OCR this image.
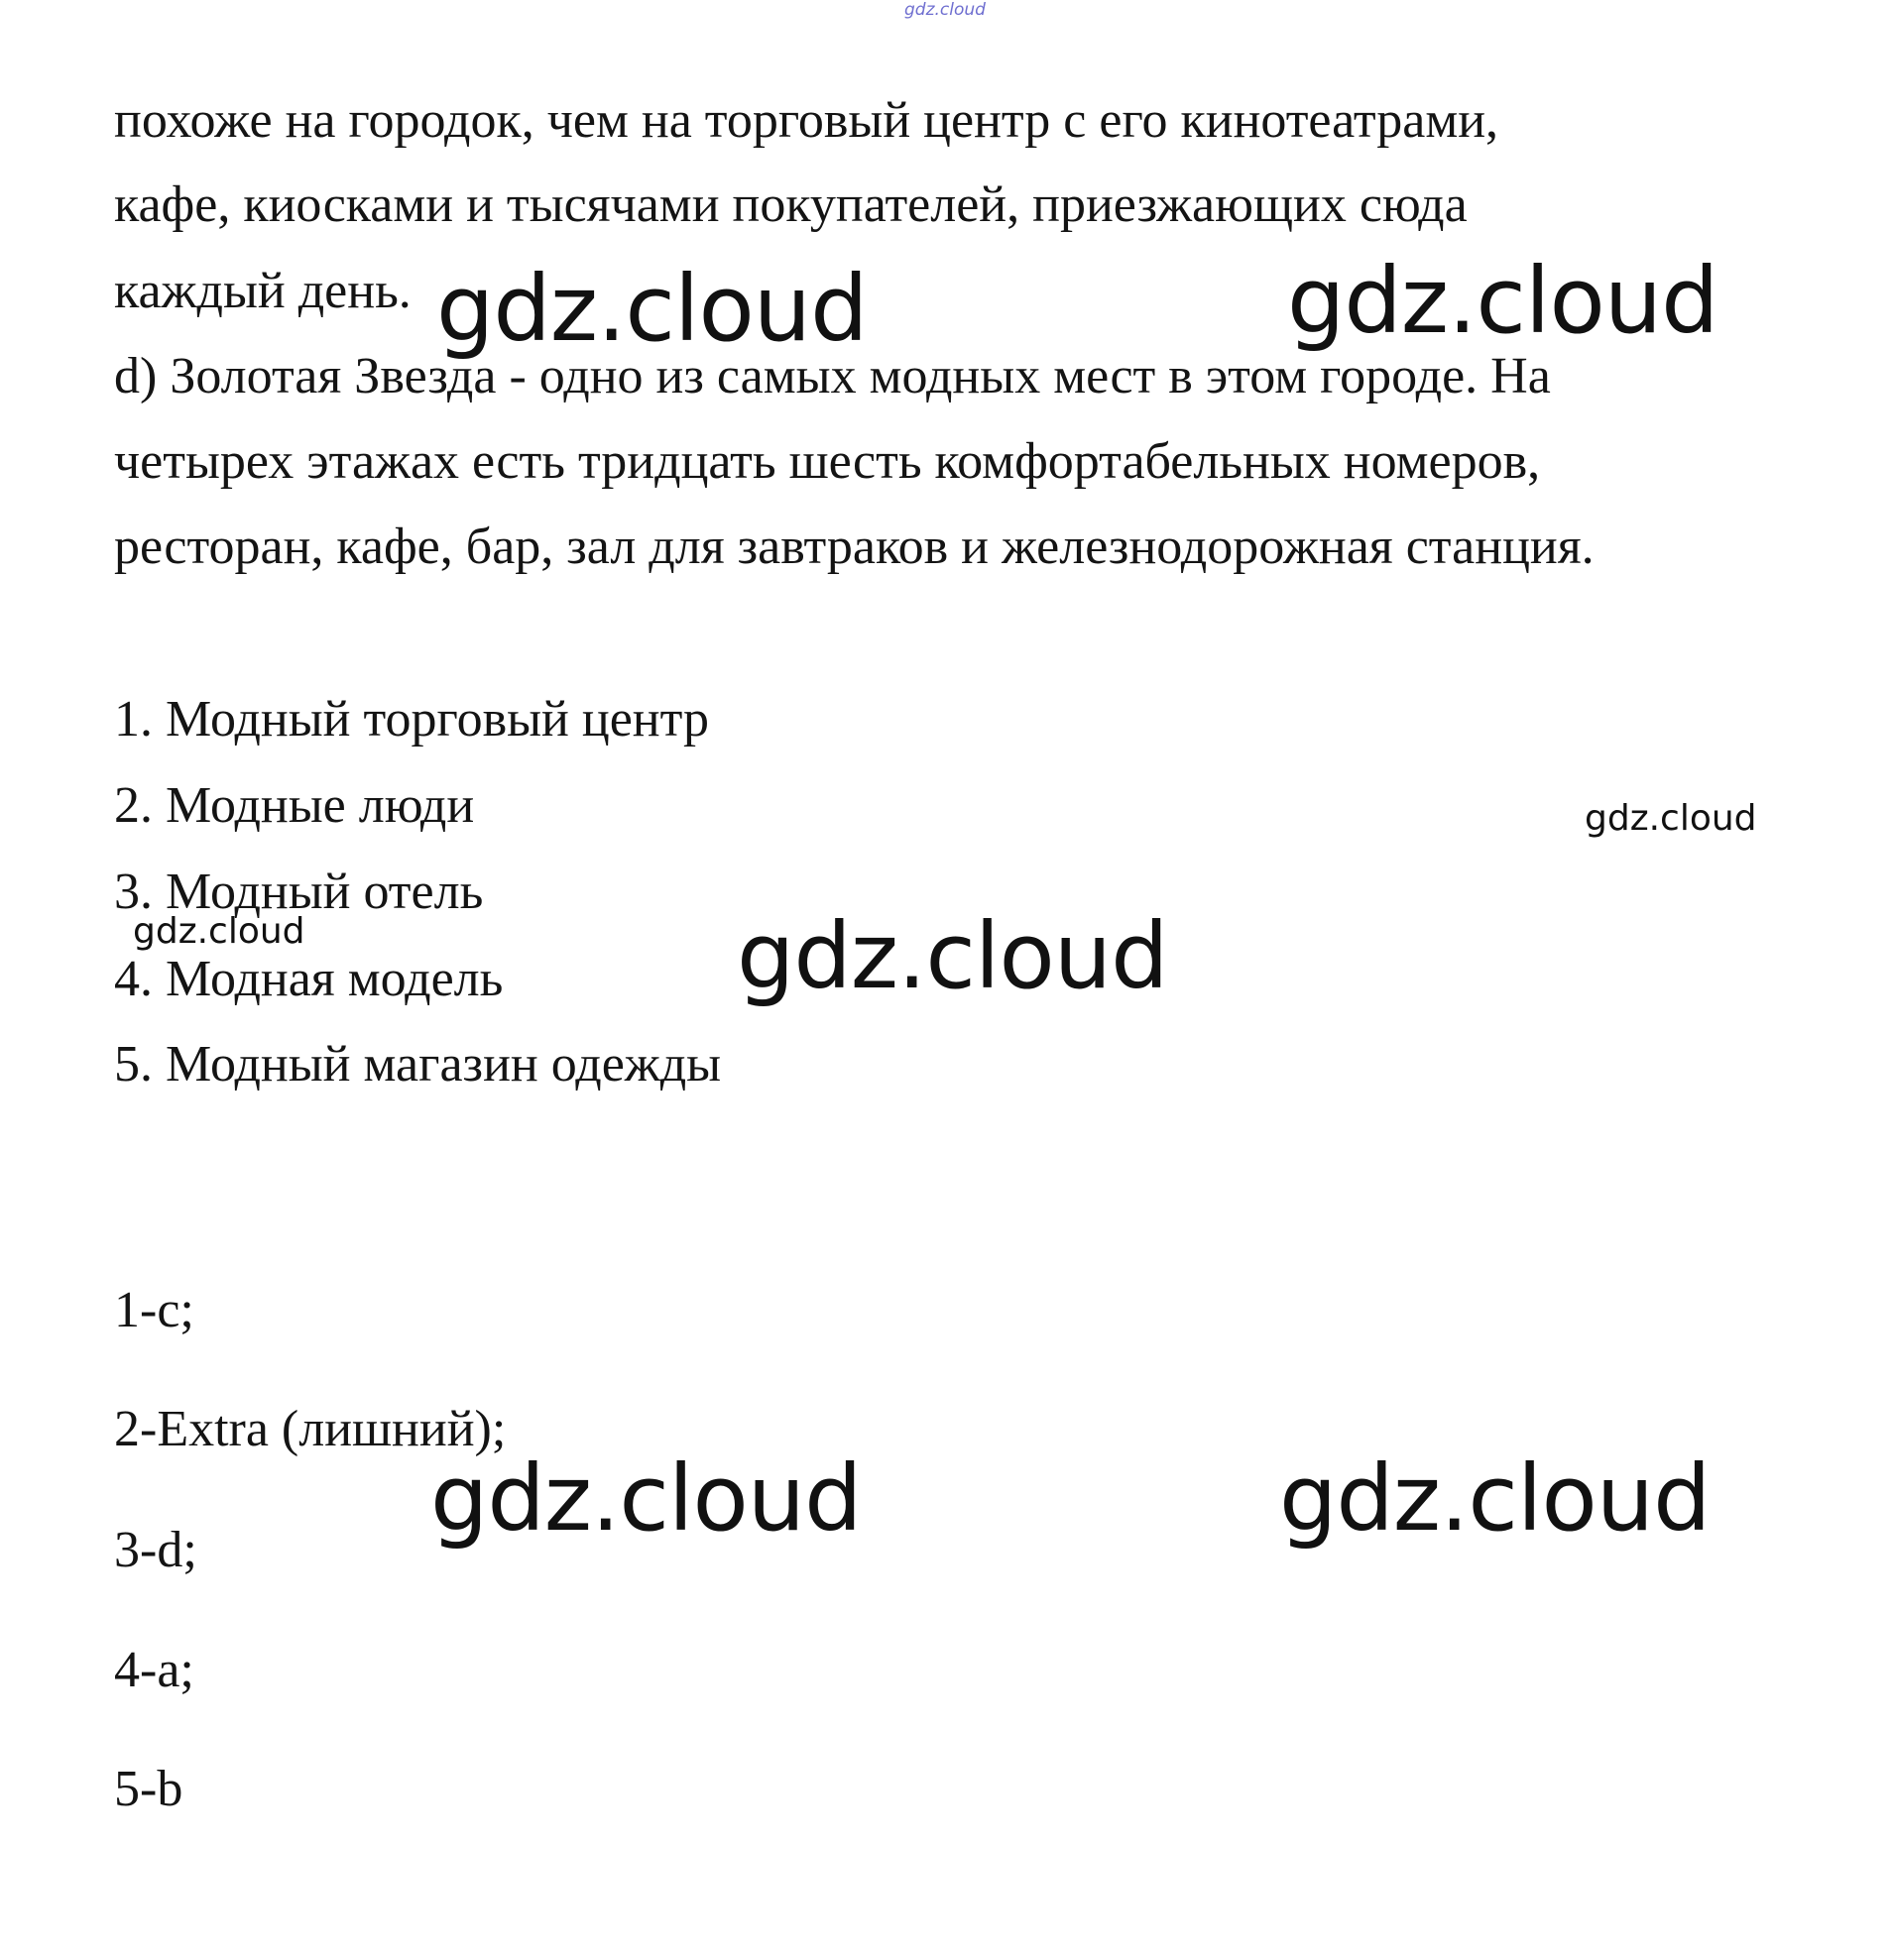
gdz.cloud
похоже на городок, чем на торговый центр с его кинотеатрами,
кафе, киосками и тысячами покупателей, приезжающих сюда
каждый день.
d) Золотая Звезда - одно из самых модных мест в этом городе. На
четырех этажах есть тридцать шесть комфортабельных номеров,
ресторан, кафе, бар, зал для завтраков и железнодорожная станция.
1. Модный торговый центр
2. Модные люди
3. Модный отель
4. Модная модель
5. Модный магазин одежды
1-c;
2-Extra (лишний);
3-d;
4-a;
5-b
gdz.cloud	gdz.cloud
gdz.cloud
gdz.cloud	gdz.cloud
gdz.cloud
gdz.cloud
